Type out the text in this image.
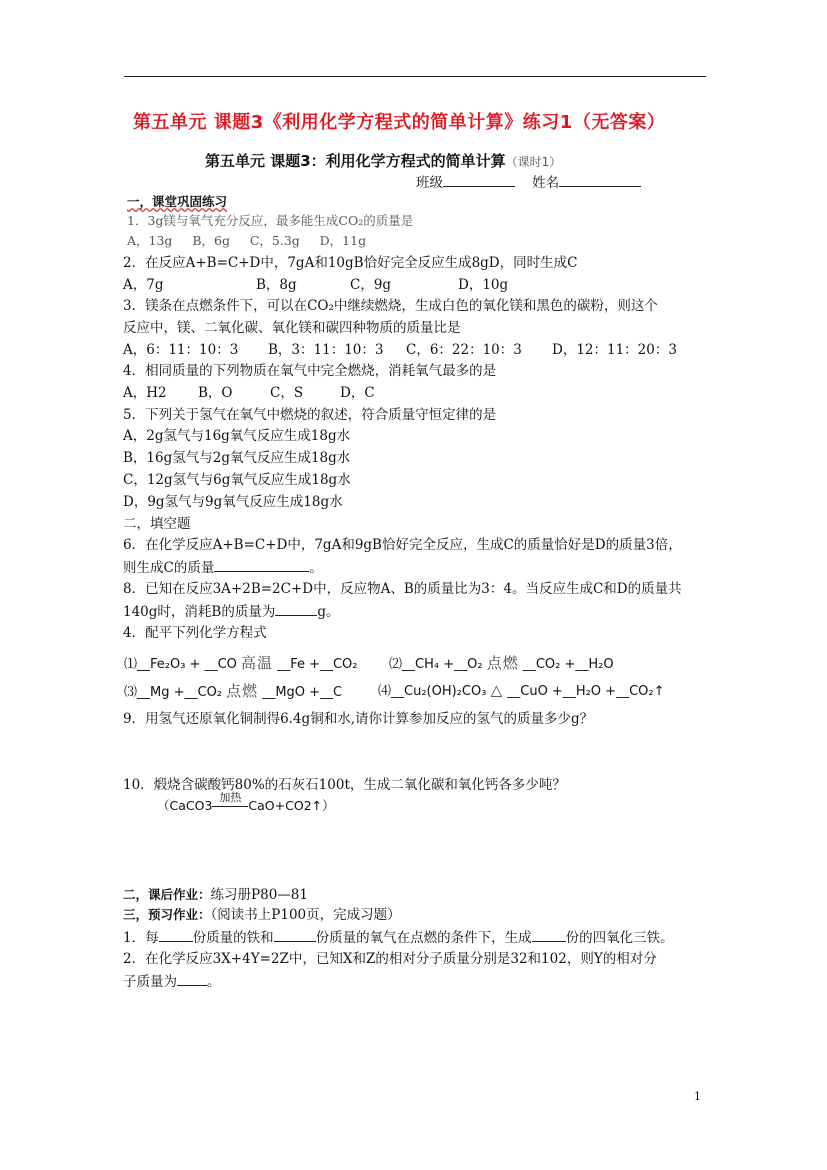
第五单元 课题3《利用化学方程式的简单计算》练习1（无答案）
第五单元 课题3：利用化学方程式的简单计算（课时1）
班级	姓名
一，课堂巩固练习
1．3g镁与氧气充分反应，最多能生成CO₂的质量是
A，13g B，6g C，5.3g D，11g
2．在反应A+B=C+D中，7gA和10gB恰好完全反应生成8gD，同时生成C
A，7g	B，8g	C，9g	D，10g
3．镁条在点燃条件下，可以在CO₂中继续燃烧，生成白色的氧化镁和黑色的碳粉，则这个
反应中，镁、二氧化碳、氧化镁和碳四种物质的质量比是
A，6：11：10：3 B，3：11：10：3 C，6：22：10：3 D，12：11：20：3
4．相同质量的下列物质在氧气中完全燃烧，消耗氧气最多的是
A，H2 B，O	C，S	D，C
5．下列关于氢气在氧气中燃烧的叙述，符合质量守恒定律的是
A，2g氢气与16g氧气反应生成18g水
B，16g氢气与2g氧气反应生成18g水
C，12g氢气与6g氧气反应生成18g水
D，9g氢气与9g氧气反应生成18g水
二，填空题
6．在化学反应A+B=C+D中，7gA和9gB恰好完全反应，生成C的质量恰好是D的质量3倍，
则生成C的质量	。
8．已知在反应3A+2B=2C+D中，反应物A、B的质量比为3：4。当反应生成C和D的质量共
140g时，消耗B的质量为	g。
4．配平下列化学方程式
⑴__Fe₂O₃ + __CO 高温 __Fe +__CO₂ ⑵__CH₄ +__O₂ 点燃 __CO₂ +__H₂O
⑶__Mg +__CO₂ 点燃 __MgO +__C	⑷__Cu₂(OH)₂CO₃ △ __CuO +__H₂O +__CO₂↑
9．用氢气还原氧化铜制得6.4g铜和水,请你计算参加反应的氢气的质量多少g？
10．煅烧含碳酸钙80%的石灰石100t，生成二氧化碳和氧化钙各多少吨？
（CaCO3
加热
CaO+CO2↑）
二，课后作业：练习册P80—81
三，预习作业：（阅读书上P100页，完成习题）
1．每	份质量的铁和	份质量的氧气在点燃的条件下，生成	份的四氧化三铁。
2．在化学反应3X+4Y=2Z中，已知X和Z的相对分子质量分别是32和102，则Y的相对分
子质量为 。
1
